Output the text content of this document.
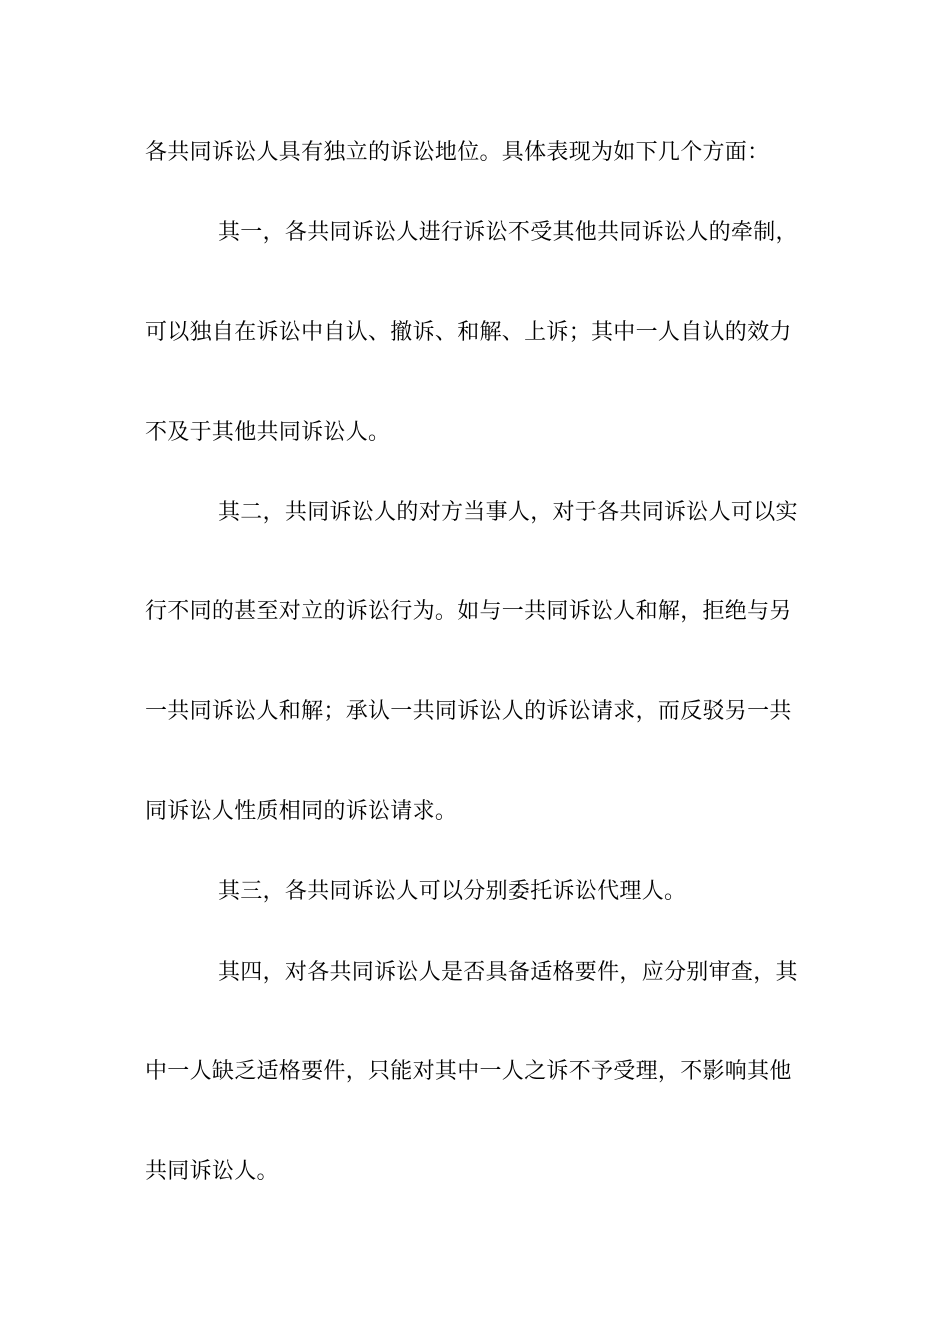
各共同诉讼人具有独立的诉讼地位。具体表现为如下几个方面：
其一，各共同诉讼人进行诉讼不受其他共同诉讼人的牵制，
可以独自在诉讼中自认、撤诉、和解、上诉；其中一人自认的效力
不及于其他共同诉讼人。
其二，共同诉讼人的对方当事人，对于各共同诉讼人可以实
行不同的甚至对立的诉讼行为。如与一共同诉讼人和解，拒绝与另
一共同诉讼人和解；承认一共同诉讼人的诉讼请求，而反驳另一共
同诉讼人性质相同的诉讼请求。
其三，各共同诉讼人可以分别委托诉讼代理人。
其四，对各共同诉讼人是否具备适格要件，应分别审查，其
中一人缺乏适格要件，只能对其中一人之诉不予受理，不影响其他
共同诉讼人。
